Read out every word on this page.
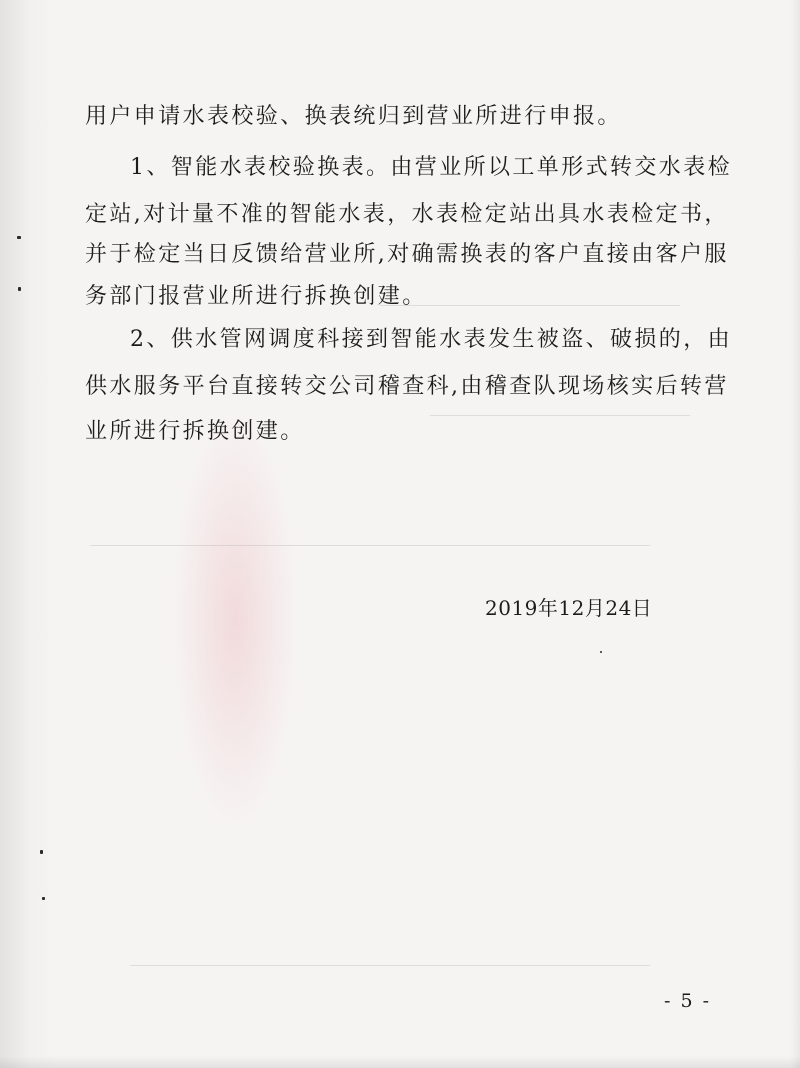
用户申请水表校验、换表统归到营业所进行申报。
1、智能水表校验换表。由营业所以工单形式转交水表检
定站,对计量不准的智能水表，水表检定站出具水表检定书，
并于检定当日反馈给营业所,对确需换表的客户直接由客户服
务部门报营业所进行拆换创建。
2、供水管网调度科接到智能水表发生被盗、破损的，由
供水服务平台直接转交公司稽查科,由稽查队现场核实后转营
业所进行拆换创建。
2019年12月24日
- 5 -
